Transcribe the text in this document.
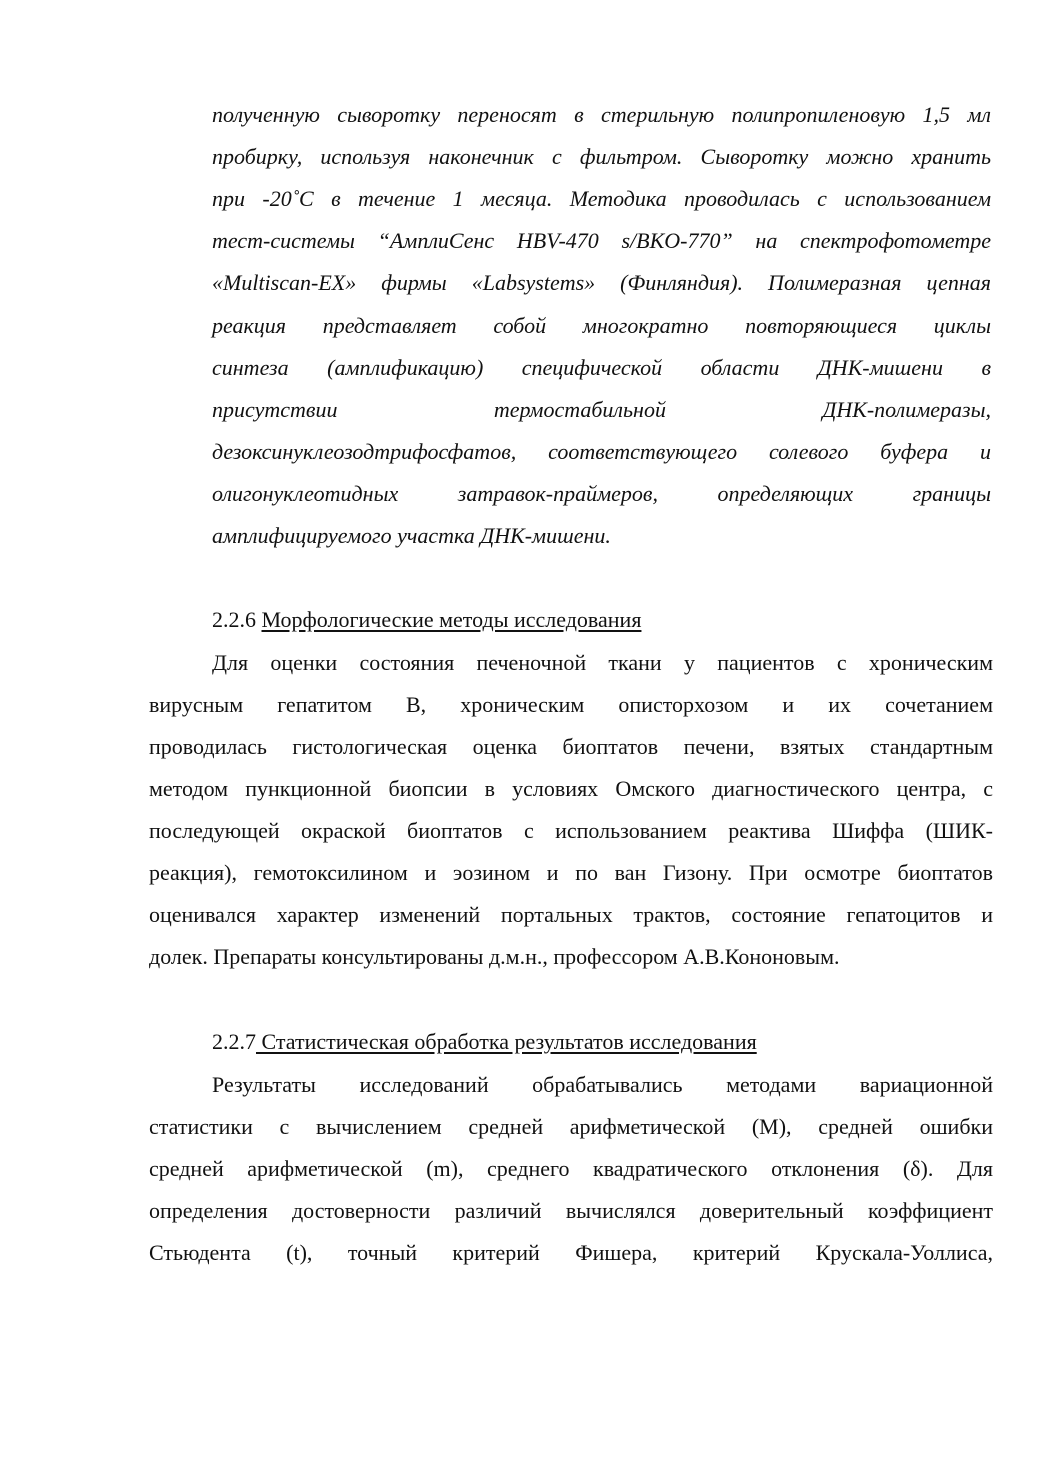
полученную сыворотку переносят в стерильную полипропиленовую 1,5 мл
пробирку, используя наконечник с фильтром. Сыворотку можно хранить
при -20˚С в течение 1 месяца. Методика проводилась с использованием
тест-системы “АмплиСенс HBV-470 s/BKO-770” на спектрофотометре
«Multiscan-EX» фирмы «Labsystems» (Финляндия). Полимеразная цепная
реакция представляет собой многократно повторяющиеся циклы
синтеза (амплификацию) специфической области ДНК-мишени в
присутствии термостабильной ДНК-полимеразы,
дезоксинуклеозодтрифосфатов, соответствующего солевого буфера и
олигонуклеотидных затравок-праймеров, определяющих границы
амплифицируемого участка ДНК-мишени.
2.2.6 Морфологические методы исследования
Для оценки состояния печеночной ткани у пациентов с хроническим
вирусным гепатитом В, хроническим описторхозом и их сочетанием
проводилась гистологическая оценка биоптатов печени, взятых стандартным
методом пункционной биопсии в условиях Омского диагностического центра, с
последующей окраской биоптатов с использованием реактива Шиффа (ШИК-
реакция), гемотоксилином и эозином и по ван Гизону. При осмотре биоптатов
оценивался характер изменений портальных трактов, состояние гепатоцитов и
долек. Препараты консультированы д.м.н., профессором А.В.Кононовым.
2.2.7 Статистическая обработка результатов исследования
Результаты исследований обрабатывались методами вариационной
статистики с вычислением средней арифметической (М), средней ошибки
средней арифметической (m), среднего квадратического отклонения (δ). Для
определения достоверности различий вычислялся доверительный коэффициент
Стьюдента (t), точный критерий Фишера, критерий Крускала-Уоллиса,
